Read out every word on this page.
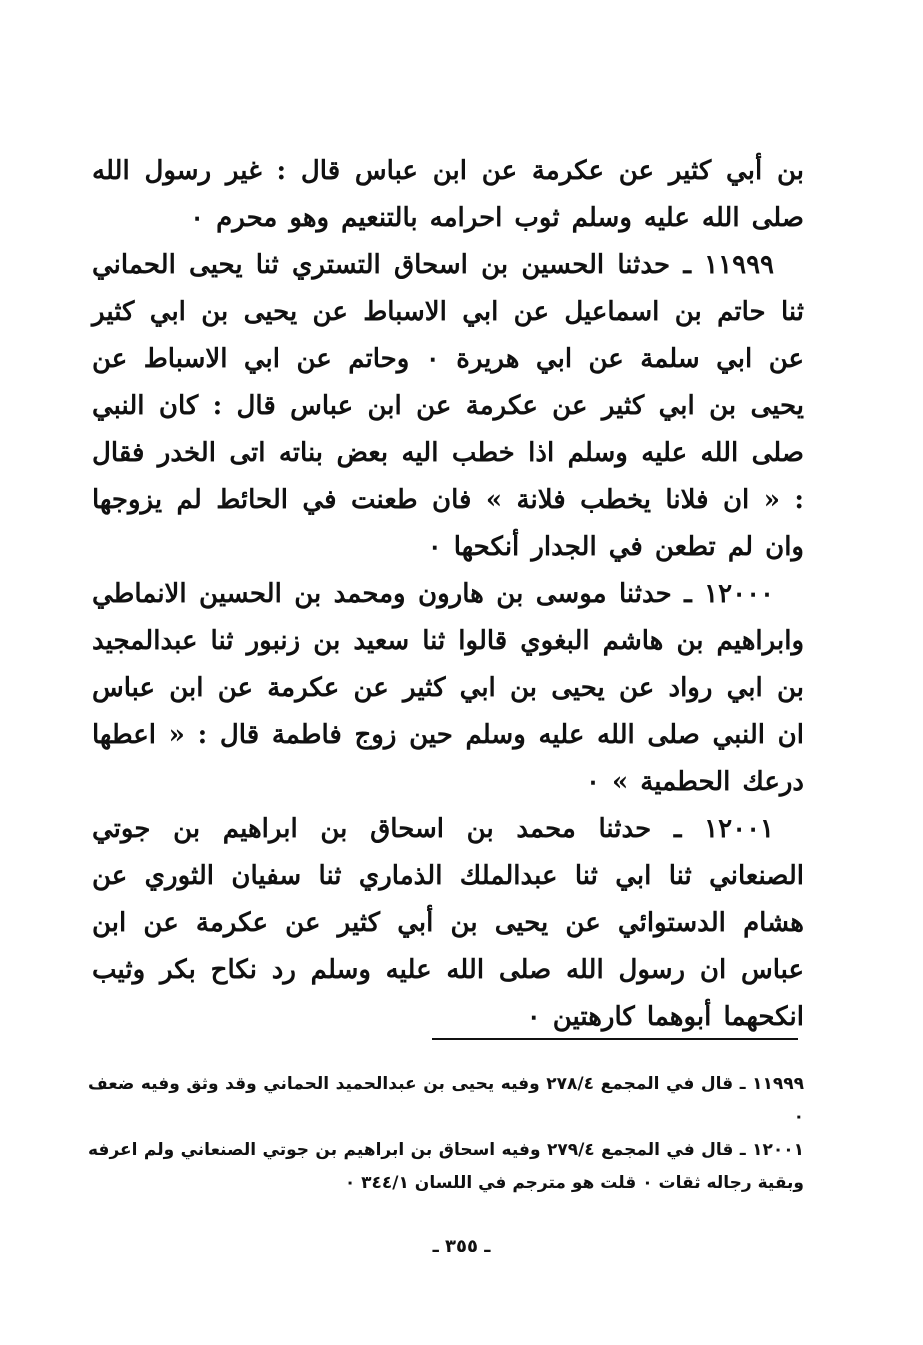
بن أبي كثير عن عكرمة عن ابن عباس قال : غير رسول الله صلى الله عليه وسلم ثوب احرامه بالتنعيم وهو محرم ٠

١١٩٩٩ ـ حدثنا الحسين بن اسحاق التستري ثنا يحيى الحماني ثنا حاتم بن اسماعيل عن ابي الاسباط عن يحيى بن ابي كثير عن ابي سلمة عن ابي هريرة ٠ وحاتم عن ابي الاسباط عن يحيى بن ابي كثير عن عكرمة عن ابن عباس قال : كان النبي صلى الله عليه وسلم اذا خطب اليه بعض بناته اتى الخدر فقال : « ان فلانا يخطب فلانة » فان طعنت في الحائط لم يزوجها وان لم تطعن في الجدار أنكحها ٠

١٢٠٠٠ ـ حدثنا موسى بن هارون ومحمد بن الحسين الانماطي وابراهيم بن هاشم البغوي قالوا ثنا سعيد بن زنبور ثنا عبدالمجيد بن ابي رواد عن يحيى بن ابي كثير عن عكرمة عن ابن عباس ان النبي صلى الله عليه وسلم حين زوج فاطمة قال : « اعطها درعك الحطمية » ٠

١٢٠٠١ ـ حدثنا محمد بن اسحاق بن ابراهيم بن جوتي الصنعاني ثنا ابي ثنا عبدالملك الذماري ثنا سفيان الثوري عن هشام الدستوائي عن يحيى بن أبي كثير عن عكرمة عن ابن عباس ان رسول الله صلى الله عليه وسلم رد نكاح بكر وثيب انكحهما أبوهما كارهتين ٠

١١٩٩٩ ـ قال في المجمع ٢٧٨/٤ وفيه يحيى بن عبدالحميد الحماني وقد وثق وفيه ضعف ٠

١٢٠٠١ ـ قال في المجمع ٢٧٩/٤ وفيه اسحاق بن ابراهيم بن جوتي الصنعاني ولم اعرفه وبقية رجاله ثقات ٠ قلت هو مترجم في اللسان ٣٤٤/١ ٠

ـ ٣٥٥ ـ
